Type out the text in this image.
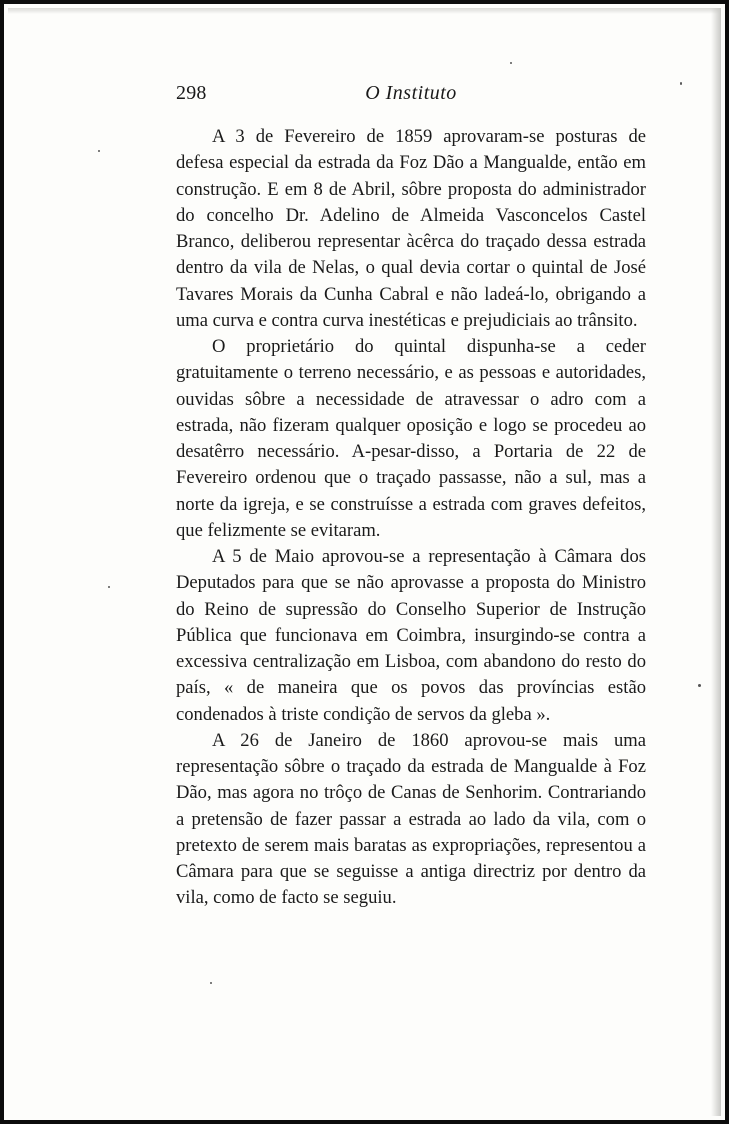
298	O Instituto

A 3 de Fevereiro de 1859 aprovaram-se posturas de defesa especial da estrada da Foz Dão a Mangualde, então em construção. E em 8 de Abril, sôbre proposta do administrador do concelho Dr. Adelino de Almeida Vasconcelos Castel Branco, deliberou representar àcêrca do traçado dessa estrada dentro da vila de Nelas, o qual devia cortar o quintal de José Tavares Morais da Cunha Cabral e não ladeá-lo, obrigando a uma curva e contra curva inestéticas e prejudiciais ao trânsito.

O proprietário do quintal dispunha-se a ceder gratuitamente o terreno necessário, e as pessoas e autoridades, ouvidas sôbre a necessidade de atravessar o adro com a estrada, não fizeram qualquer oposição e logo se procedeu ao desatêrro necessário. A-pesar-disso, a Portaria de 22 de Fevereiro ordenou que o traçado passasse, não a sul, mas a norte da igreja, e se construísse a estrada com graves defeitos, que felizmente se evitaram.

A 5 de Maio aprovou-se a representação à Câmara dos Deputados para que se não aprovasse a proposta do Ministro do Reino de supressão do Conselho Superior de Instrução Pública que funcionava em Coimbra, insurgindo-se contra a excessiva centralização em Lisboa, com abandono do resto do país, « de maneira que os povos das províncias estão condenados à triste condição de servos da gleba ».

A 26 de Janeiro de 1860 aprovou-se mais uma representação sôbre o traçado da estrada de Mangualde à Foz Dão, mas agora no trôço de Canas de Senhorim. Contrariando a pretensão de fazer passar a estrada ao lado da vila, com o pretexto de serem mais baratas as expropriações, representou a Câmara para que se seguisse a antiga directriz por dentro da vila, como de facto se seguiu.
